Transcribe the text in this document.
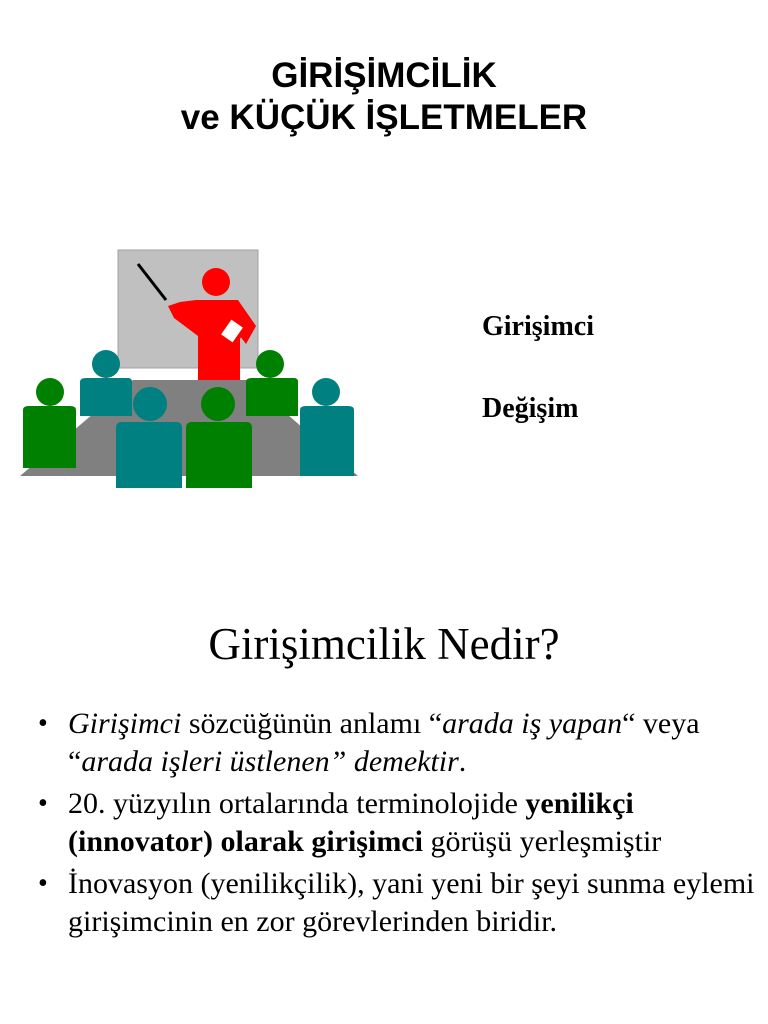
GİRİŞİMCİLİK
ve KÜÇÜK İŞLETMELER
Girişimci
Değişim
Girişimcilik Nedir?
• Girişimci sözcüğünün anlamı “arada iş yapan“ veya “arada işleri üstlenen” demektir.
• 20. yüzyılın ortalarında terminolojide yenilikçi (innovator) olarak girişimci görüşü yerleşmiştir
• İnovasyon (yenilikçilik), yani yeni bir şeyi sunma eylemi girişimcinin en zor görevlerinden biridir.
